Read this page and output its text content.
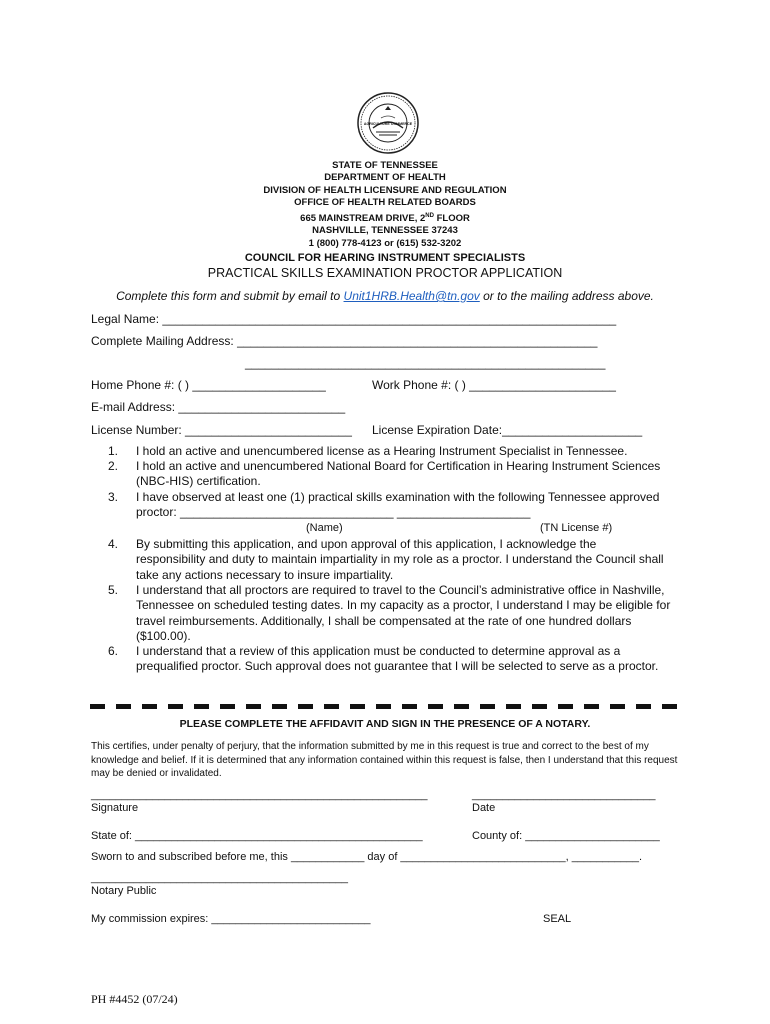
AGRICULTURE COMMERCE
STATE OF TENNESSEE
DEPARTMENT OF HEALTH
DIVISION OF HEALTH LICENSURE AND REGULATION
OFFICE OF HEALTH RELATED BOARDS
665 MAINSTREAM DRIVE, 2ND FLOOR
NASHVILLE, TENNESSEE 37243
1 (800) 778-4123 or (615) 532-3202
COUNCIL FOR HEARING INSTRUMENT SPECIALISTS
PRACTICAL SKILLS EXAMINATION PROCTOR APPLICATION
Complete this form and submit by email to Unit1HRB.Health@tn.gov or to the mailing address above.
Legal Name: ____________________________________________________________________
Complete Mailing Address: ______________________________________________________
______________________________________________________
Home Phone #: ( ) ____________________	Work Phone #: ( ) ______________________
E-mail Address: _________________________
License Number: _________________________ License Expiration Date:_____________________
1.	I hold an active and unencumbered license as a Hearing Instrument Specialist in Tennessee.
2.	I hold an active and unencumbered National Board for Certification in Hearing Instrument Sciences (NBC-HIS) certification.
3.	I have observed at least one (1) practical skills examination with the following Tennessee approved proctor: ________________________________ ____________________
(Name)	(TN License #)
4.	By submitting this application, and upon approval of this application, I acknowledge the responsibility and duty to maintain impartiality in my role as a proctor. I understand the Council shall take any actions necessary to insure impartiality.
5.	I understand that all proctors are required to travel to the Council’s administrative office in Nashville, Tennessee on scheduled testing dates. In my capacity as a proctor, I understand I may be eligible for travel reimbursements. Additionally, I shall be compensated at the rate of one hundred dollars ($100.00).
6.	I understand that a review of this application must be conducted to determine approval as a prequalified proctor. Such approval does not guarantee that I will be selected to serve as a proctor.
PLEASE COMPLETE THE AFFIDAVIT AND SIGN IN THE PRESENCE OF A NOTARY.
This certifies, under penalty of perjury, that the information submitted by me in this request is true and correct to the best of my knowledge and belief. If it is determined that any information contained within this request is false, then I understand that this request may be denied or invalidated.
_______________________________________________________	______________________________
Signature	Date
State of: _______________________________________________	County of: ______________________
Sworn to and subscribed before me, this ____________ day of ___________________________, ___________.
__________________________________________
Notary Public
My commission expires: __________________________	SEAL
PH #4452 (07/24)
